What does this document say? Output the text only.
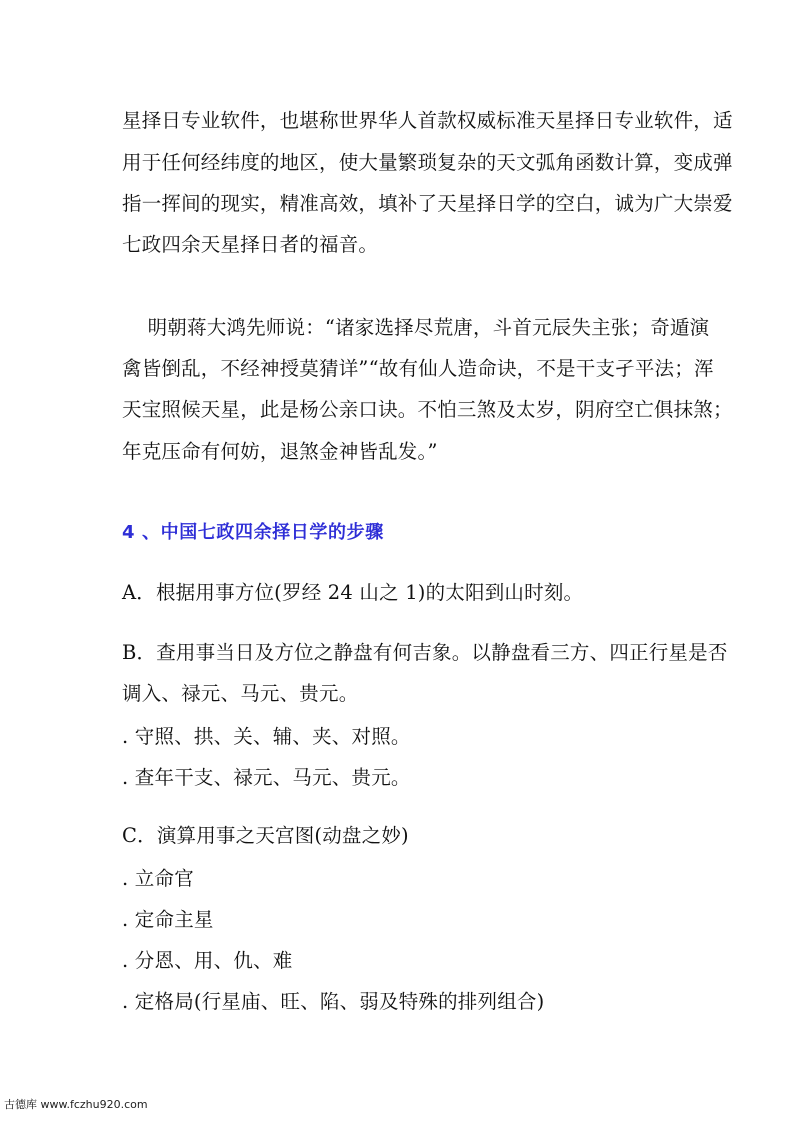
星择日专业软件，也堪称世界华人首款权威标准天星择日专业软件，适
用于任何经纬度的地区，使大量繁琐复杂的天文弧角函数计算，变成弹
指一挥间的现实，精准高效，填补了天星择日学的空白，诚为广大崇爱
七政四余天星择日者的福音。
明朝蒋大鸿先师说：“诸家选择尽荒唐，斗首元辰失主张；奇遁演
禽皆倒乱，不经神授莫猜详”“故有仙人造命诀，不是干支孑平法；浑
天宝照候天星，此是杨公亲口诀。不怕三煞及太岁，阴府空亡俱抹煞；
年克压命有何妨，退煞金神皆乱发。”
4 、中国七政四余择日学的步骤
A．根据用事方位(罗经 24 山之 1)的太阳到山时刻。
B．查用事当日及方位之静盘有何吉象。以静盘看三方、四正行星是否
调入、禄元、马元、贵元。
. 守照、拱、关、辅、夹、对照。
. 查年干支、禄元、马元、贵元。
C．演算用事之天宫图(动盘之妙)
. 立命官
. 定命主星
. 分恩、用、仇、难
. 定格局(行星庙、旺、陷、弱及特殊的排列组合)
古德库 www.fczhu920.com
